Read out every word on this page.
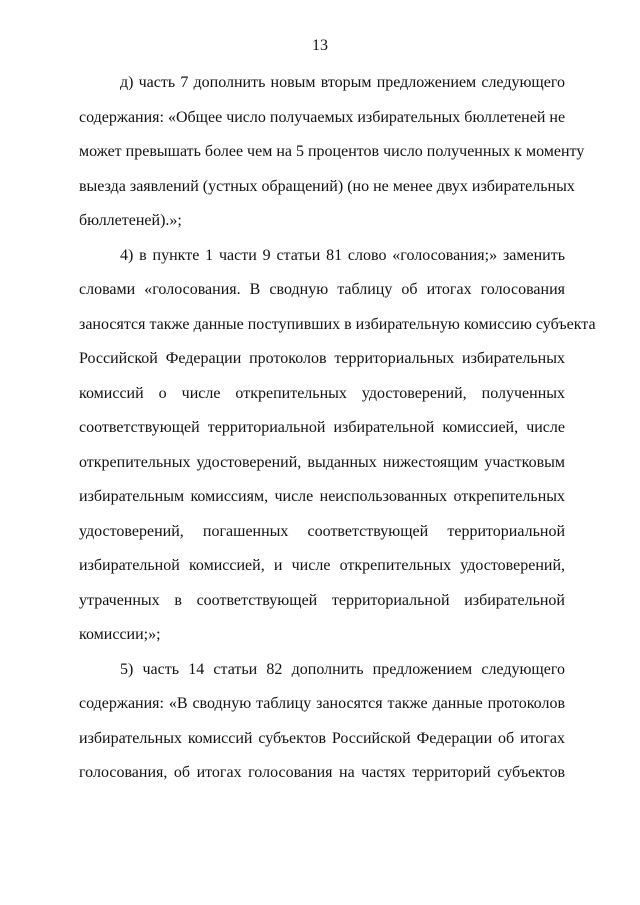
13
д) часть 7 дополнить новым вторым предложением следующего
содержания: «Общее число получаемых избирательных бюллетеней не
может превышать более чем на 5 процентов число полученных к моменту
выезда заявлений (устных обращений) (но не менее двух избирательных
бюллетеней).»;
4) в пункте 1 части 9 статьи 81 слово «голосования;» заменить
словами «голосования. В сводную таблицу об итогах голосования
заносятся также данные поступивших в избирательную комиссию субъекта
Российской Федерации протоколов территориальных избирательных
комиссий о числе открепительных удостоверений, полученных
соответствующей территориальной избирательной комиссией, числе
открепительных удостоверений, выданных нижестоящим участковым
избирательным комиссиям, числе неиспользованных открепительных
удостоверений, погашенных соответствующей территориальной
избирательной комиссией, и числе открепительных удостоверений,
утраченных в соответствующей территориальной избирательной
комиссии;»;
5) часть 14 статьи 82 дополнить предложением следующего
содержания: «В сводную таблицу заносятся также данные протоколов
избирательных комиссий субъектов Российской Федерации об итогах
голосования, об итогах голосования на частях территорий субъектов
